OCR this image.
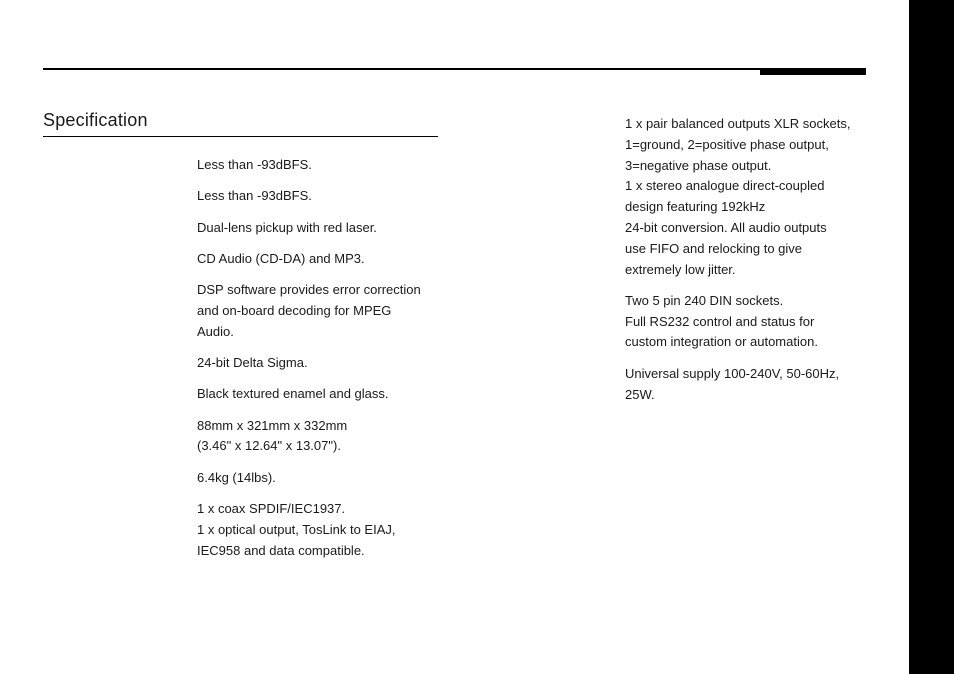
Specification

Less than -93dBFS.

Less than -93dBFS.

Dual-lens pickup with red laser.

CD Audio (CD-DA) and MP3.

DSP software provides error correction
and on-board decoding for MPEG
Audio.

24-bit Delta Sigma.

Black textured enamel and glass.

88mm x 321mm x 332mm
(3.46" x 12.64" x 13.07").

6.4kg (14lbs).

1 x coax SPDIF/IEC1937.
1 x optical output, TosLink to EIAJ,
IEC958 and data compatible.

1 x pair balanced outputs XLR sockets,
1=ground, 2=positive phase output,
3=negative phase output.
1 x stereo analogue direct-coupled
design featuring 192kHz
24-bit conversion. All audio outputs
use FIFO and relocking to give
extremely low jitter.

Two 5 pin 240 DIN sockets.
Full RS232 control and status for
custom integration or automation.

Universal supply 100-240V, 50-60Hz,
25W.
